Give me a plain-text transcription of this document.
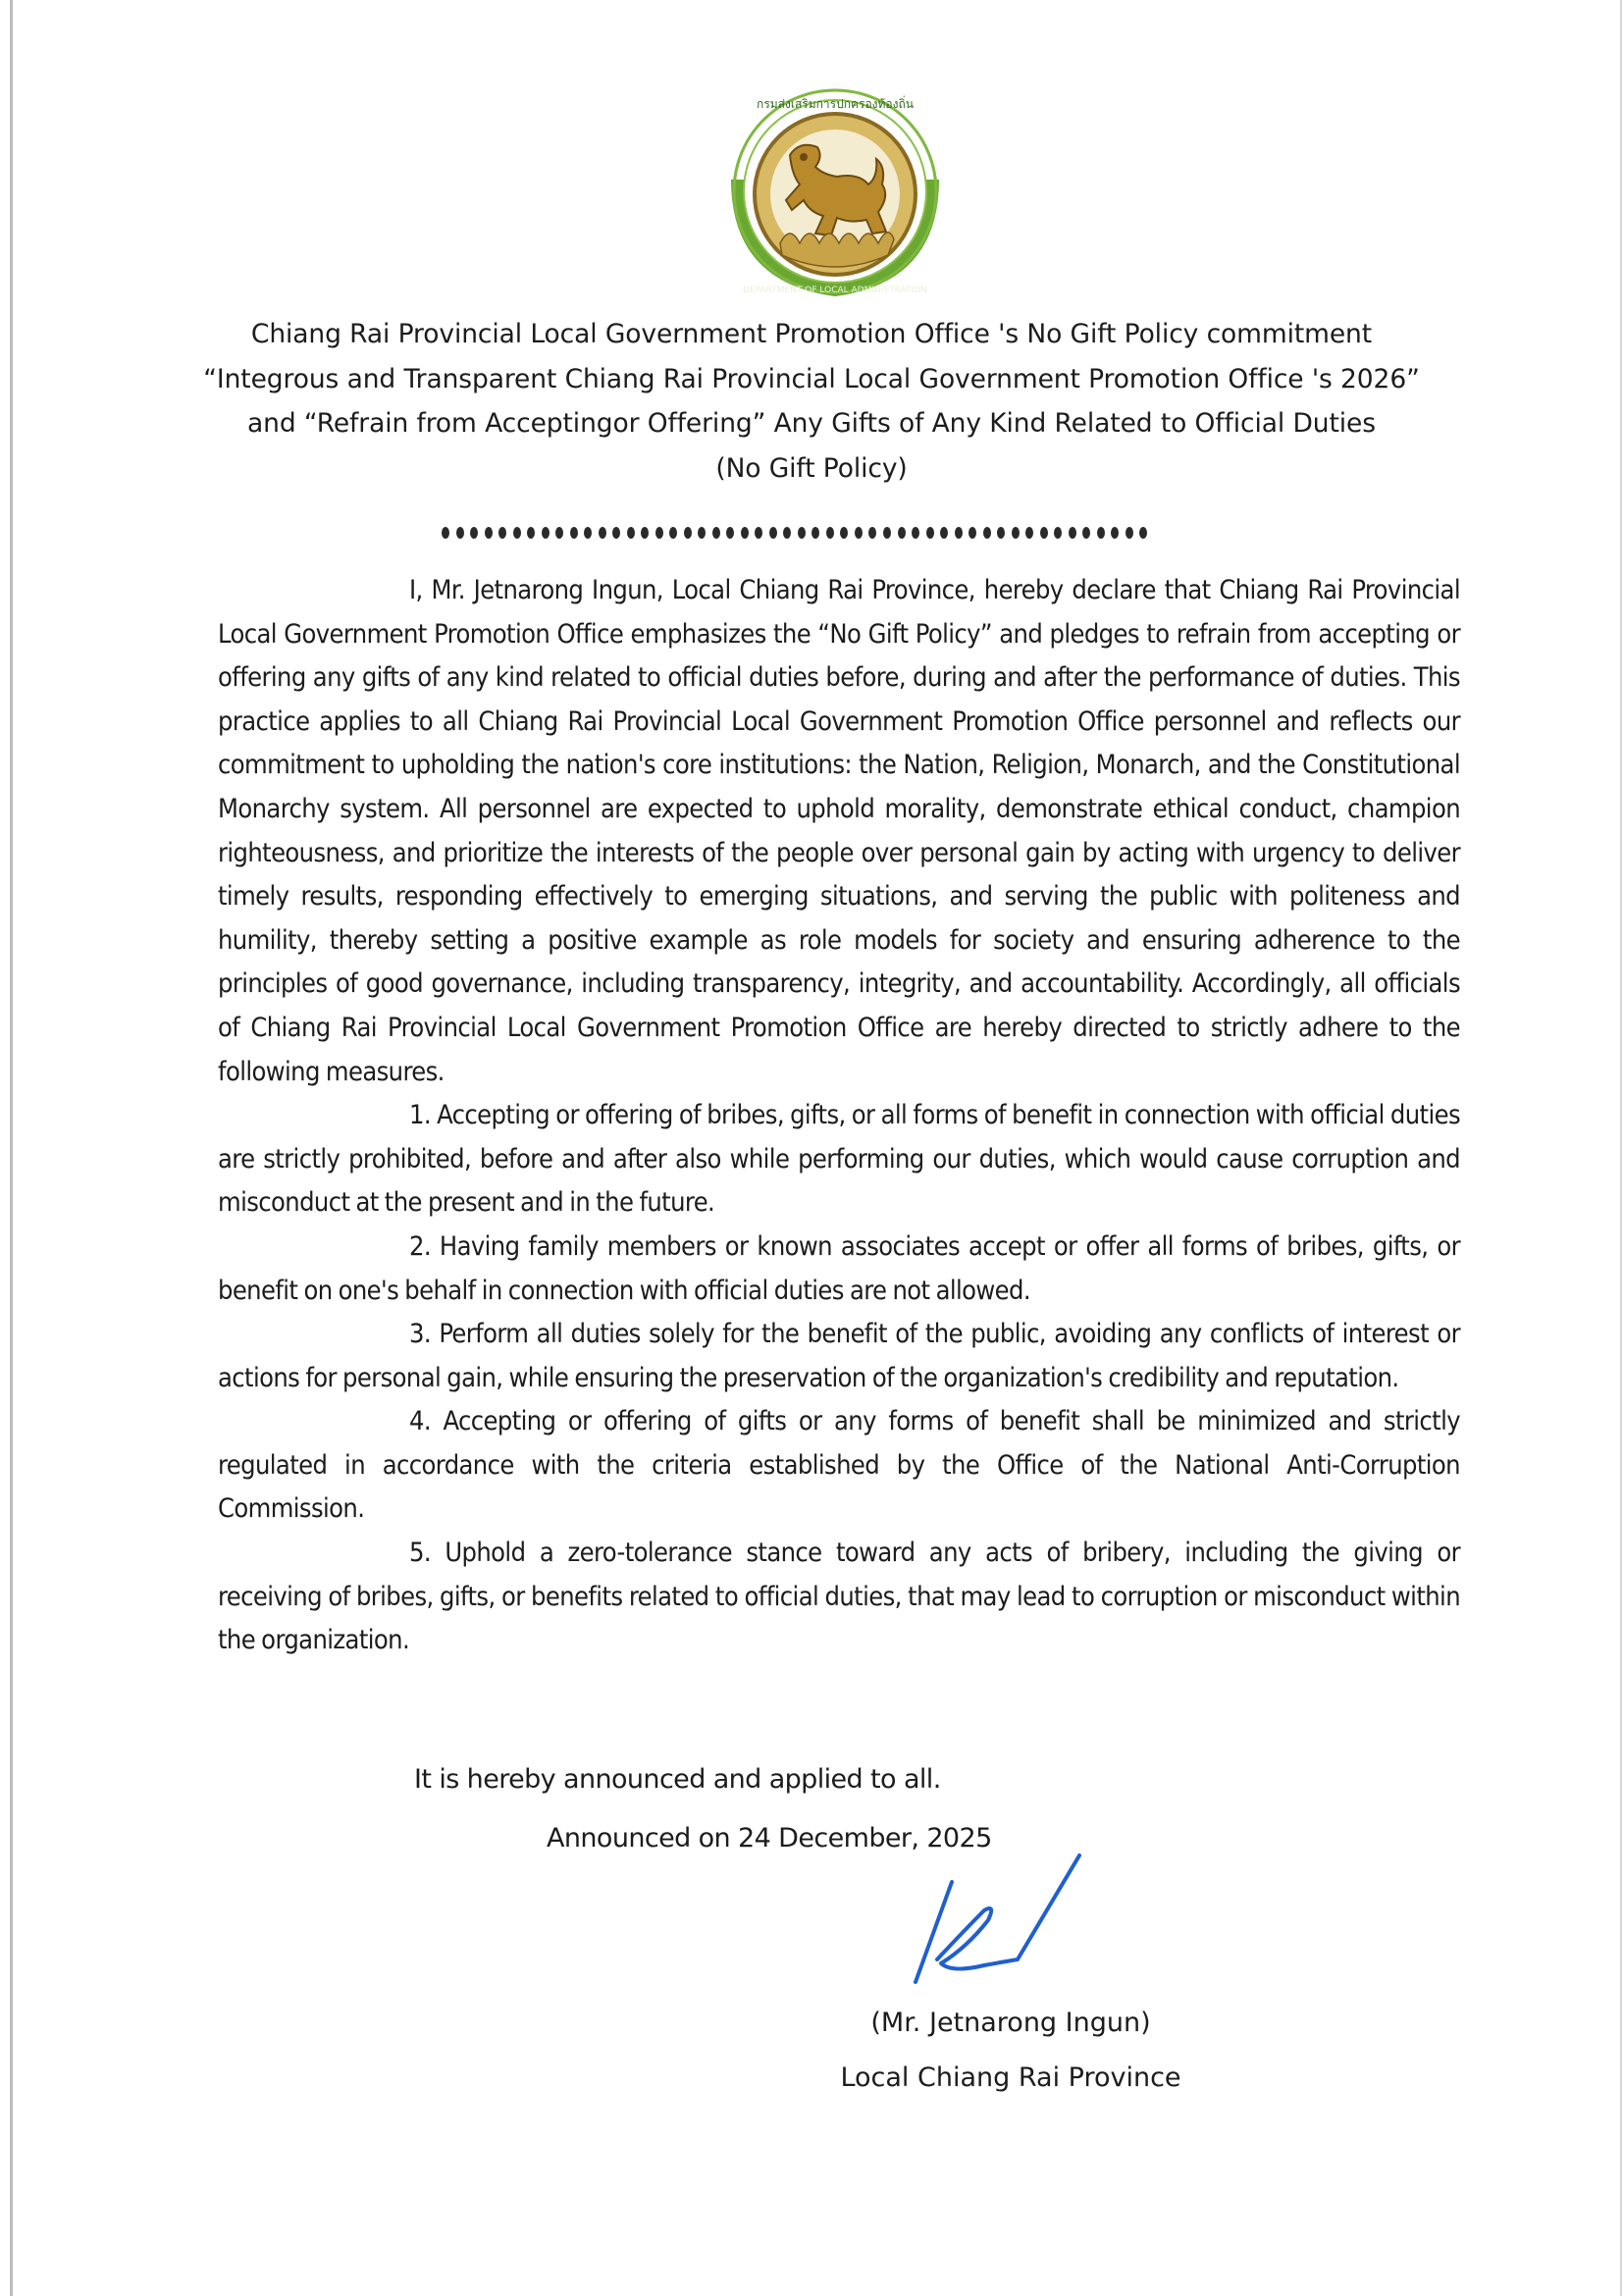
กรมส่งเสริมการปกครองท้องถิ่น
DEPARTMENT OF LOCAL ADMINISTRATION
Chiang Rai Provincial Local Government Promotion Office 's No Gift Policy commitment
“Integrous and Transparent Chiang Rai Provincial Local Government Promotion Office 's 2026”
and “Refrain from Acceptingor Offering” Any Gifts of Any Kind Related to Official Duties
(No Gift Policy)

I, Mr. Jetnarong Ingun, Local Chiang Rai Province, hereby declare that Chiang Rai Provincial Local Government Promotion Office emphasizes the “No Gift Policy” and pledges to refrain from accepting or offering any gifts of any kind related to official duties before, during and after the performance of duties. This practice applies to all Chiang Rai Provincial Local Government Promotion Office personnel and reflects our commitment to upholding the nation's core institutions: the Nation, Religion, Monarch, and the Constitutional Monarchy system. All personnel are expected to uphold morality, demonstrate ethical conduct, champion righteousness, and prioritize the interests of the people over personal gain by acting with urgency to deliver timely results, responding effectively to emerging situations, and serving the public with politeness and humility, thereby setting a positive example as role models for society and ensuring adherence to the principles of good governance, including transparency, integrity, and accountability. Accordingly, all officials of Chiang Rai Provincial Local Government Promotion Office are hereby directed to strictly adhere to the following measures.

1. Accepting or offering of bribes, gifts, or all forms of benefit in connection with official duties are strictly prohibited, before and after also while performing our duties, which would cause corruption and misconduct at the present and in the future.

2. Having family members or known associates accept or offer all forms of bribes, gifts, or benefit on one's behalf in connection with official duties are not allowed.

3. Perform all duties solely for the benefit of the public, avoiding any conflicts of interest or actions for personal gain, while ensuring the preservation of the organization's credibility and reputation.

4. Accepting or offering of gifts or any forms of benefit shall be minimized and strictly regulated in accordance with the criteria established by the Office of the National Anti-Corruption Commission.

5. Uphold a zero-tolerance stance toward any acts of bribery, including the giving or receiving of bribes, gifts, or benefits related to official duties, that may lead to corruption or misconduct within the organization.

It is hereby announced and applied to all.
Announced on 24 December, 2025
(Mr. Jetnarong Ingun)
Local Chiang Rai Province
